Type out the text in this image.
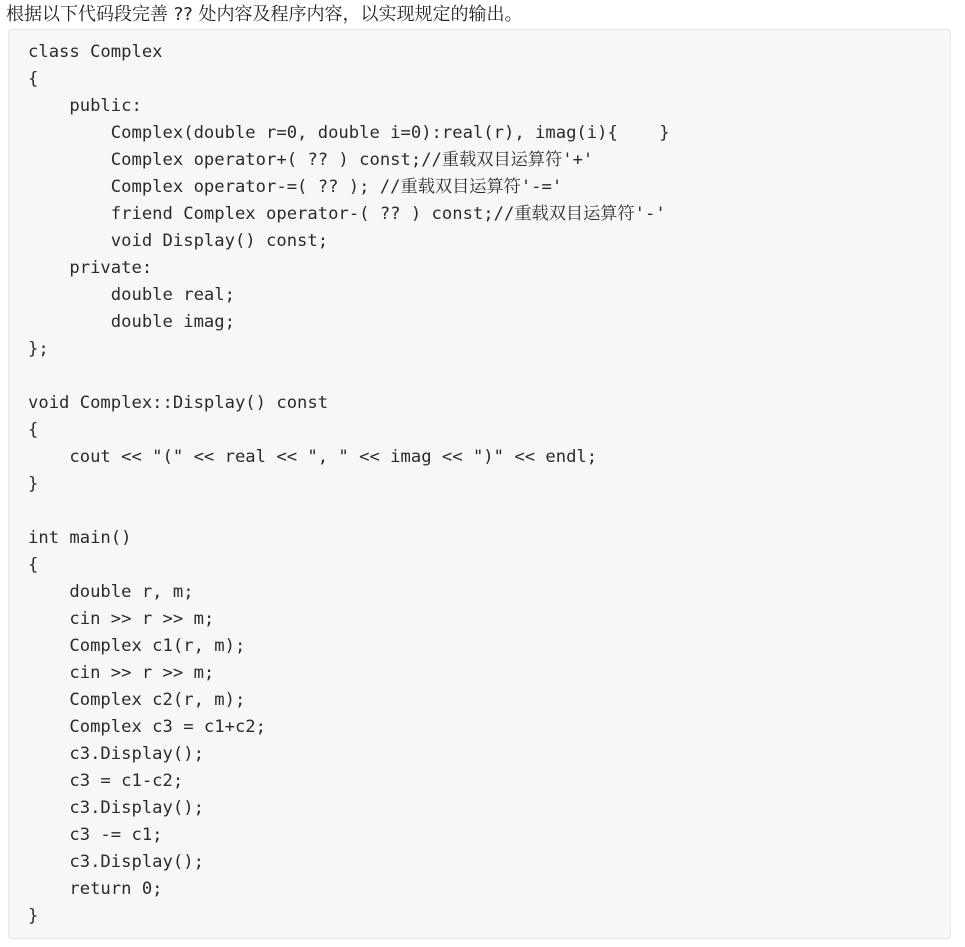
根据以下代码段完善 ?? 处内容及程序内容，以实现规定的输出。

class Complex
{
public:
Complex(double r=0, double i=0):real(r), imag(i){    }
Complex operator+( ?? ) const;//重载双目运算符'+'
Complex operator-=( ?? ); //重载双目运算符'-='
friend Complex operator-( ?? ) const;//重载双目运算符'-'
void Display() const;
private:
double real;
double imag;
};
void Complex::Display() const
{
cout << "(" << real << ", " << imag << ")" << endl;
}
int main()
{
double r, m;
cin >> r >> m;
Complex c1(r, m);
cin >> r >> m;
Complex c2(r, m);
Complex c3 = c1+c2;
c3.Display();
c3 = c1-c2;
c3.Display();
c3 -= c1;
c3.Display();
return 0;
}
